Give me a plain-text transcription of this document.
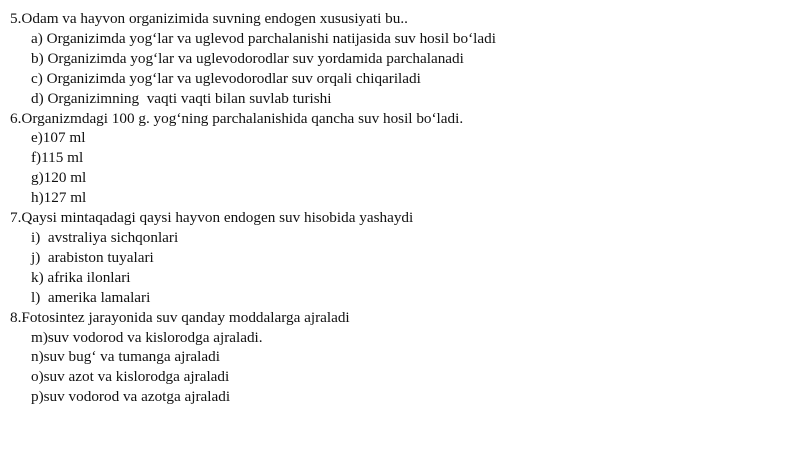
5.Odam va hayvon organizimida suvning endogen xususiyati bu..
a) Organizimda yog‘lar va uglevod parchalanishi natijasida suv hosil bo‘ladi
b) Organizimda yog‘lar va uglevodorodlar suv yordamida parchalanadi
c) Organizimda yog‘lar va uglevodorodlar suv orqali chiqariladi
d) Organizimning  vaqti vaqti bilan suvlab turishi
6.Organizmdagi 100 g. yog‘ning parchalanishida qancha suv hosil bo‘ladi.
e)107 ml
f)115 ml
g)120 ml
h)127 ml
7.Qaysi mintaqadagi qaysi hayvon endogen suv hisobida yashaydi
i)  avstraliya sichqonlari
j)  arabiston tuyalari
k) afrika ilonlari
l)  amerika lamalari
8.Fotosintez jarayonida suv qanday moddalarga ajraladi
m)suv vodorod va kislorodga ajraladi.
n)suv bug‘ va tumanga ajraladi
o)suv azot va kislorodga ajraladi
p)suv vodorod va azotga ajraladi
